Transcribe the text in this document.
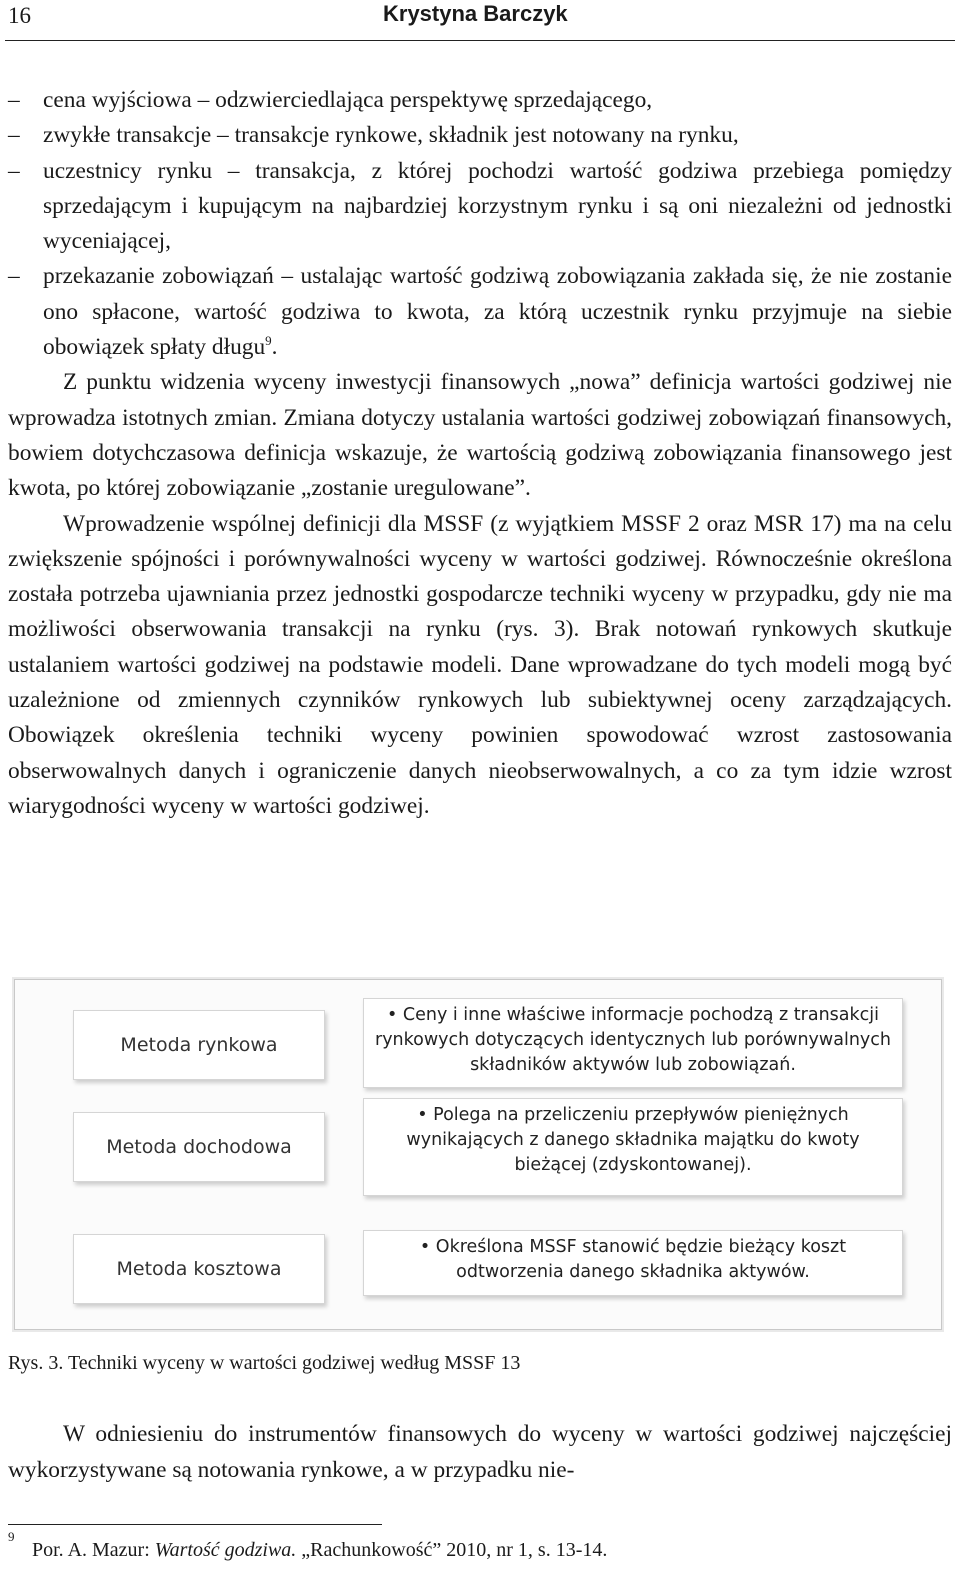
16	Krystyna Barczyk
– cena wyjściowa – odzwierciedlająca perspektywę sprzedającego,
– zwykłe transakcje – transakcje rynkowe, składnik jest notowany na rynku,
– uczestnicy rynku – transakcja, z której pochodzi wartość godziwa przebiega pomiędzy sprzedającym i kupującym na najbardziej korzystnym rynku i są oni niezależni od jednostki wyceniającej,
– przekazanie zobowiązań – ustalając wartość godziwą zobowiązania zakłada się, że nie zostanie ono spłacone, wartość godziwa to kwota, za którą uczestnik rynku przyjmuje na siebie obowiązek spłaty długu$^9$.

Z punktu widzenia wyceny inwestycji finansowych „nowa” definicja wartości godziwej nie wprowadza istotnych zmian. Zmiana dotyczy ustalania wartości godziwej zobowiązań finansowych, bowiem dotychczasowa definicja wskazuje, że wartością godziwą zobowiązania finansowego jest kwota, po której zobowiązanie „zostanie uregulowane”.

Wprowadzenie wspólnej definicji dla MSSF (z wyjątkiem MSSF 2 oraz MSR 17) ma na celu zwiększenie spójności i porównywalności wyceny w wartości godziwej. Równocześnie określona została potrzeba ujawniania przez jednostki gospodarcze techniki wyceny w przypadku, gdy nie ma możliwości obserwowania transakcji na rynku (rys. 3). Brak notowań rynkowych skutkuje ustalaniem wartości godziwej na podstawie modeli. Dane wprowadzane do tych modeli mogą być uzależnione od zmiennych czynników rynkowych lub subiektywnej oceny zarządzających. Obowiązek określenia techniki wyceny powinien spowodować wzrost zastosowania obserwowalnych danych i ograniczenie danych nieobserwowalnych, a co za tym idzie wzrost wiarygodności wyceny w wartości godziwej.

Metoda rynkowa
• Ceny i inne właściwe informacje pochodzą z transakcji rynkowych dotyczących identycznych lub porównywalnych składników aktywów lub zobowiązań.
Metoda dochodowa
• Polega na przeliczeniu przepływów pieniężnych wynikających z danego składnika majątku do kwoty bieżącej (zdyskontowanej).
Metoda kosztowa
• Określona MSSF stanowić będzie bieżący koszt odtworzenia danego składnika aktywów.
Rys. 3. Techniki wyceny w wartości godziwej według MSSF 13

W odniesieniu do instrumentów finansowych do wyceny w wartości godziwej najczęściej wykorzystywane są notowania rynkowe, a w przypadku nie-

9
Por. A. Mazur: Wartość godziwa. „Rachunkowość” 2010, nr 1, s. 13-14.
